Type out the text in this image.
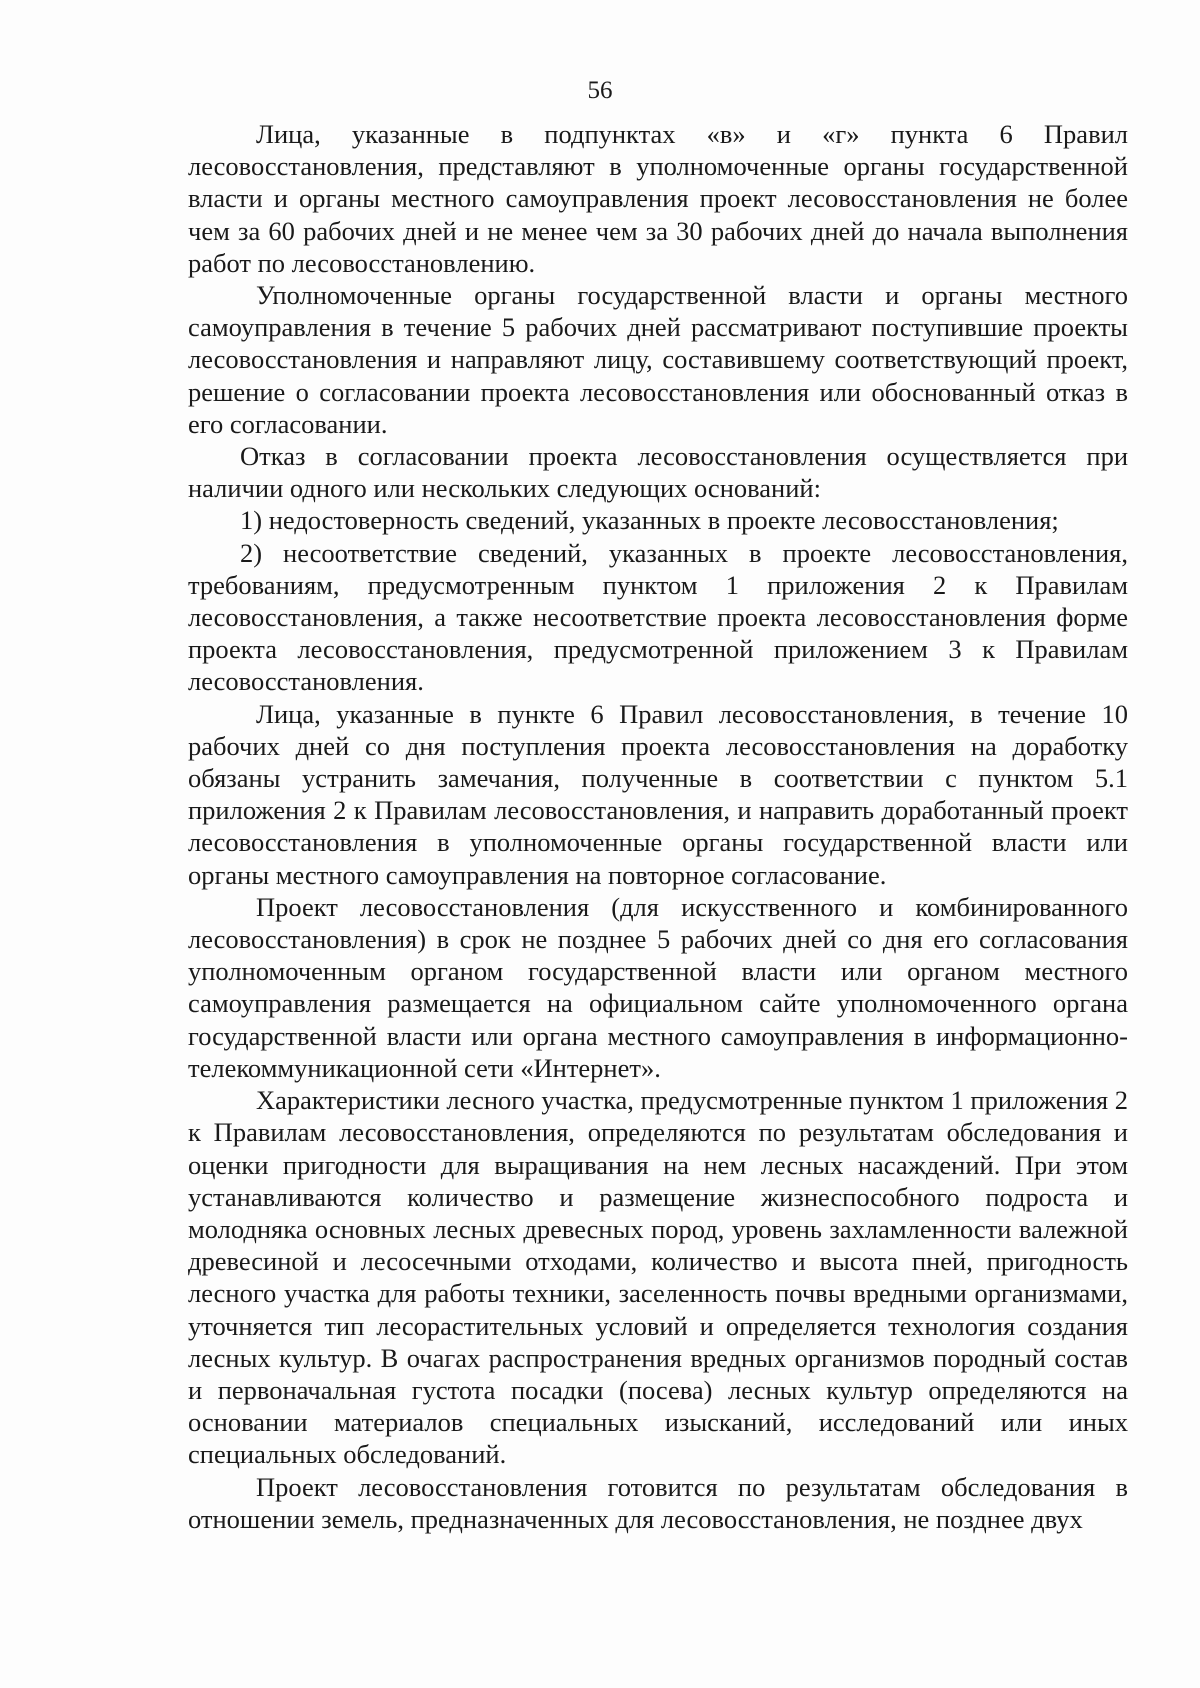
56

Лица, указанные в подпунктах «в» и «г» пункта 6 Правил лесовосстановления, представляют в уполномоченные органы государственной власти и органы местного самоуправления проект лесовосстановления не более чем за 60 рабочих дней и не менее чем за 30 рабочих дней до начала выполнения работ по лесовосстановлению.

Уполномоченные органы государственной власти и органы местного самоуправления в течение 5 рабочих дней рассматривают поступившие проекты лесовосстановления и направляют лицу, составившему соответствующий проект, решение о согласовании проекта лесовосстановления или обоснованный отказ в его согласовании.

Отказ в согласовании проекта лесовосстановления осуществляется при наличии одного или нескольких следующих оснований:

1) недостоверность сведений, указанных в проекте лесовосстановления;

2) несоответствие сведений, указанных в проекте лесовосстановления, требованиям, предусмотренным пунктом 1 приложения 2 к Правилам лесовосстановления, а также несоответствие проекта лесовосстановления форме проекта лесовосстановления, предусмотренной приложением 3 к Правилам лесовосстановления.

Лица, указанные в пункте 6 Правил лесовосстановления, в течение 10 рабочих дней со дня поступления проекта лесовосстановления на доработку обязаны устранить замечания, полученные в соответствии с пунктом 5.1 приложения 2 к Правилам лесовосстановления, и направить доработанный проект лесовосстановления в уполномоченные органы государственной власти или органы местного самоуправления на повторное согласование.

Проект лесовосстановления (для искусственного и комбинированного лесовосстановления) в срок не позднее 5 рабочих дней со дня его согласования уполномоченным органом государственной власти или органом местного самоуправления размещается на официальном сайте уполномоченного органа государственной власти или органа местного самоуправления в информационно-телекоммуникационной сети «Интернет».

Характеристики лесного участка, предусмотренные пунктом 1 приложения 2 к Правилам лесовосстановления, определяются по результатам обследования и оценки пригодности для выращивания на нем лесных насаждений. При этом устанавливаются количество и размещение жизнеспособного подроста и молодняка основных лесных древесных пород, уровень захламленности валежной древесиной и лесосечными отходами, количество и высота пней, пригодность лесного участка для работы техники, заселенность почвы вредными организмами, уточняется тип лесорастительных условий и определяется технология создания лесных культур. В очагах распространения вредных организмов породный состав и первоначальная густота посадки (посева) лесных культур определяются на основании материалов специальных изысканий, исследований или иных специальных обследований.

Проект лесовосстановления готовится по результатам обследования в отношении земель, предназначенных для лесовосстановления, не позднее двух
